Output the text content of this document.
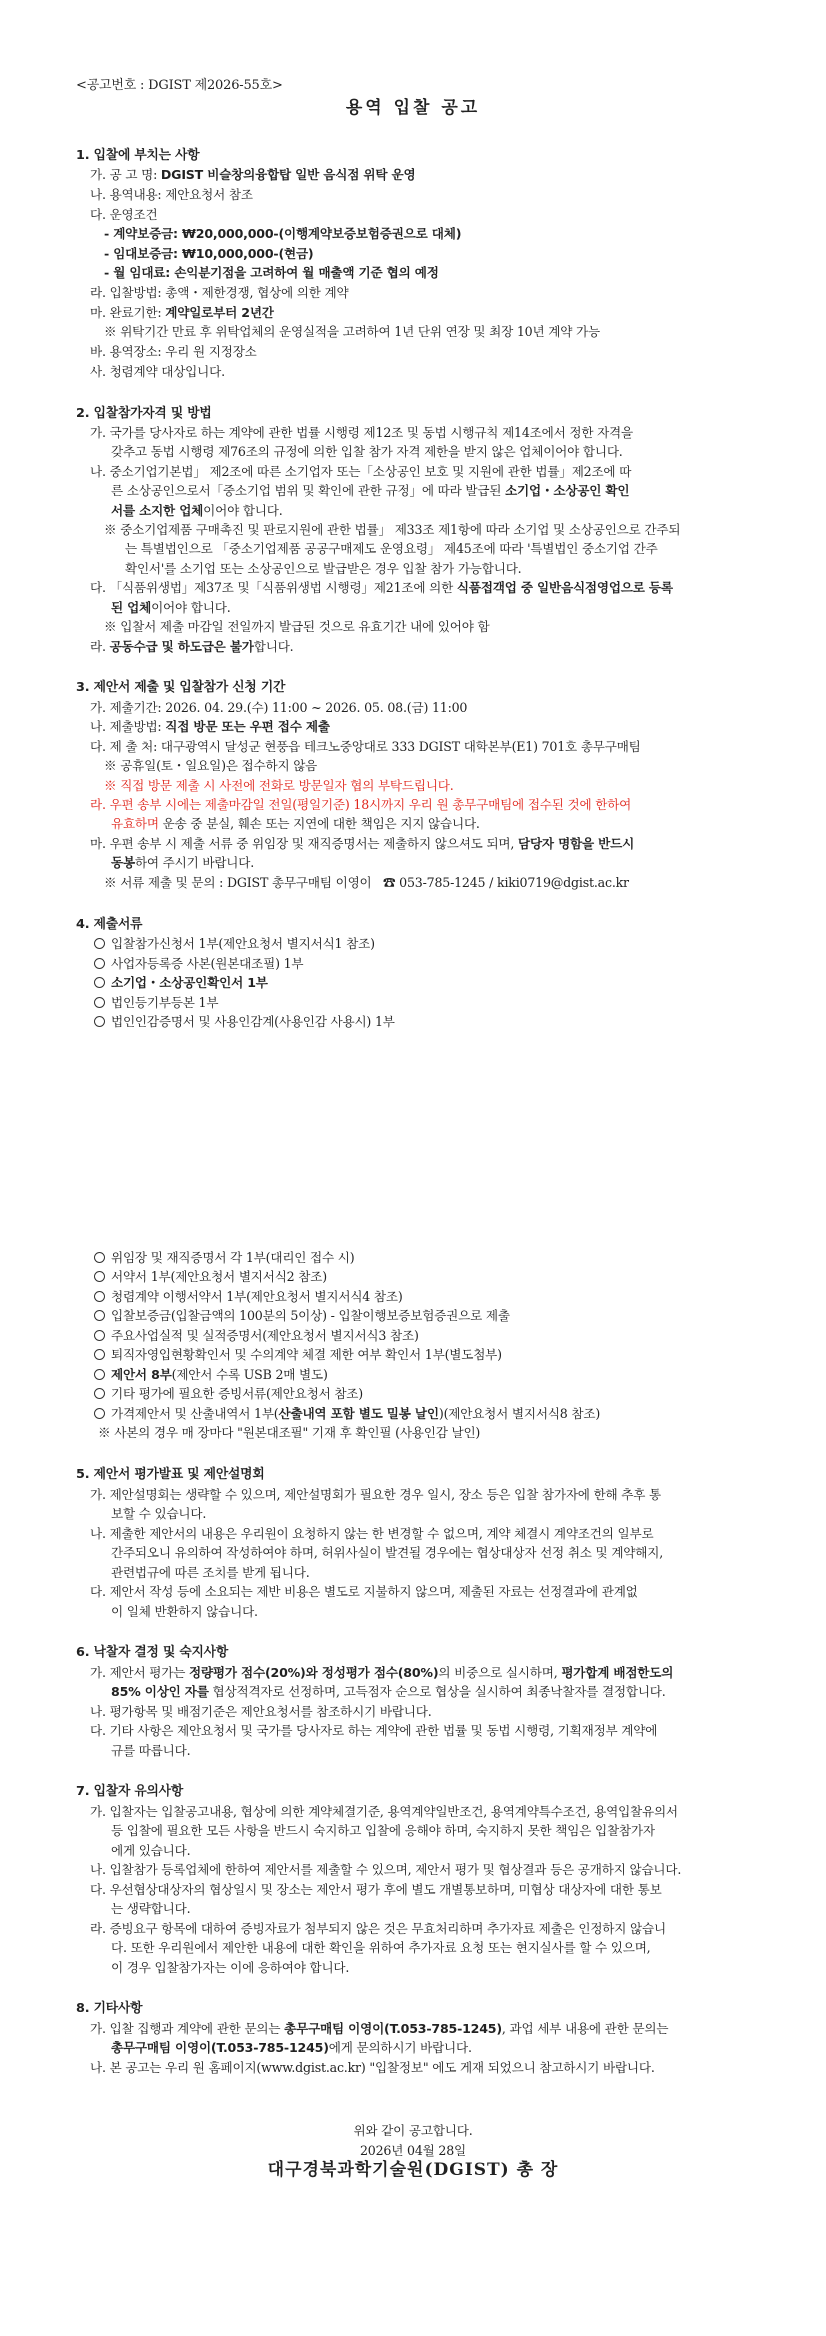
<공고번호 : DGIST 제2026-55호>
용역 입찰 공고
1. 입찰에 부치는 사항
가. 공 고 명: DGIST 비슬창의융합탑 일반 음식점 위탁 운영
나. 용역내용: 제안요청서 참조
다. 운영조건
- 계약보증금: ₩20,000,000-(이행계약보증보험증권으로 대체)
- 임대보증금: ₩10,000,000-(현금)
- 월 임대료: 손익분기점을 고려하여 월 매출액 기준 협의 예정
라. 입찰방법: 총액・제한경쟁, 협상에 의한 계약
마. 완료기한: 계약일로부터 2년간
※ 위탁기간 만료 후 위탁업체의 운영실적을 고려하여 1년 단위 연장 및 최장 10년 계약 가능
바. 용역장소: 우리 원 지정장소
사. 청렴계약 대상입니다.
2. 입찰참가자격 및 방법
가. 국가를 당사자로 하는 계약에 관한 법률 시행령 제12조 및 동법 시행규칙 제14조에서 정한 자격을
갖추고 동법 시행령 제76조의 규정에 의한 입찰 참가 자격 제한을 받지 않은 업체이어야 합니다.
나. 중소기업기본법」 제2조에 따른 소기업자 또는「소상공인 보호 및 지원에 관한 법률」제2조에 따
른 소상공인으로서「중소기업 범위 및 확인에 관한 규정」에 따라 발급된 소기업・소상공인 확인
서를 소지한 업체이어야 합니다.
※ 중소기업제품 구매촉진 및 판로지원에 관한 법률」 제33조 제1항에 따라 소기업 및 소상공인으로 간주되
는 특별법인으로 「중소기업제품 공공구매제도 운영요령」 제45조에 따라 '특별법인 중소기업 간주
확인서'를 소기업 또는 소상공인으로 발급받은 경우 입찰 참가 가능합니다.
다. 「식품위생법」제37조 및「식품위생법 시행령」제21조에 의한 식품접객업 중 일반음식점영업으로 등록
된 업체이어야 합니다.
※ 입찰서 제출 마감일 전일까지 발급된 것으로 유효기간 내에 있어야 함
라. 공동수급 및 하도급은 불가합니다.
3. 제안서 제출 및 입찰참가 신청 기간
가. 제출기간: 2026. 04. 29.(수) 11:00 ~ 2026. 05. 08.(금) 11:00
나. 제출방법: 직접 방문 또는 우편 접수 제출
다. 제 출 처: 대구광역시 달성군 현풍읍 테크노중앙대로 333 DGIST 대학본부(E1) 701호 총무구매팀
※ 공휴일(토・일요일)은 접수하지 않음
※ 직접 방문 제출 시 사전에 전화로 방문일자 협의 부탁드립니다.
라. 우편 송부 시에는 제출마감일 전일(평일기준) 18시까지 우리 원 총무구매팀에 접수된 것에 한하여
유효하며 운송 중 분실, 훼손 또는 지연에 대한 책임은 지지 않습니다.
마. 우편 송부 시 제출 서류 중 위임장 및 재직증명서는 제출하지 않으셔도 되며, 담당자 명함을 반드시
동봉하여 주시기 바랍니다.
※ 서류 제출 및 문의 : DGIST 총무구매팀 이영이 ☎ 053-785-1245 / kiki0719@dgist.ac.kr
4. 제출서류
입찰참가신청서 1부(제안요청서 별지서식1 참조)
사업자등록증 사본(원본대조필) 1부
소기업・소상공인확인서 1부
법인등기부등본 1부
법인인감증명서 및 사용인감계(사용인감 사용시) 1부
위임장 및 재직증명서 각 1부(대리인 접수 시)
서약서 1부(제안요청서 별지서식2 참조)
청렴계약 이행서약서 1부(제안요청서 별지서식4 참조)
입찰보증금(입찰금액의 100분의 5이상) - 입찰이행보증보험증권으로 제출
주요사업실적 및 실적증명서(제안요청서 별지서식3 참조)
퇴직자영입현황확인서 및 수의계약 체결 제한 여부 확인서 1부(별도첨부)
제안서 8부(제안서 수록 USB 2매 별도)
기타 평가에 필요한 증빙서류(제안요청서 참조)
가격제안서 및 산출내역서 1부(산출내역 포함 별도 밀봉 날인)(제안요청서 별지서식8 참조)
※ 사본의 경우 매 장마다 "원본대조필" 기재 후 확인필 (사용인감 날인)
5. 제안서 평가발표 및 제안설명회
가. 제안설명회는 생략할 수 있으며, 제안설명회가 필요한 경우 일시, 장소 등은 입찰 참가자에 한해 추후 통
보할 수 있습니다.
나. 제출한 제안서의 내용은 우리원이 요청하지 않는 한 변경할 수 없으며, 계약 체결시 계약조건의 일부로
간주되오니 유의하여 작성하여야 하며, 허위사실이 발견될 경우에는 협상대상자 선정 취소 및 계약해지,
관련법규에 따른 조치를 받게 됩니다.
다. 제안서 작성 등에 소요되는 제반 비용은 별도로 지불하지 않으며, 제출된 자료는 선정결과에 관계없
이 일체 반환하지 않습니다.
6. 낙찰자 결정 및 숙지사항
가. 제안서 평가는 정량평가 점수(20%)와 정성평가 점수(80%)의 비중으로 실시하며, 평가합계 배점한도의
85% 이상인 자를 협상적격자로 선정하며, 고득점자 순으로 협상을 실시하여 최종낙찰자를 결정합니다.
나. 평가항목 및 배점기준은 제안요청서를 참조하시기 바랍니다.
다. 기타 사항은 제안요청서 및 국가를 당사자로 하는 계약에 관한 법률 및 동법 시행령, 기획재정부 계약에
규를 따릅니다.
7. 입찰자 유의사항
가. 입찰자는 입찰공고내용, 협상에 의한 계약체결기준, 용역계약일반조건, 용역계약특수조건, 용역입찰유의서
등 입찰에 필요한 모든 사항을 반드시 숙지하고 입찰에 응해야 하며, 숙지하지 못한 책임은 입찰참가자
에게 있습니다.
나. 입찰참가 등록업체에 한하여 제안서를 제출할 수 있으며, 제안서 평가 및 협상결과 등은 공개하지 않습니다.
다. 우선협상대상자의 협상일시 및 장소는 제안서 평가 후에 별도 개별통보하며, 미협상 대상자에 대한 통보
는 생략합니다.
라. 증빙요구 항목에 대하여 증빙자료가 첨부되지 않은 것은 무효처리하며 추가자료 제출은 인정하지 않습니
다. 또한 우리원에서 제안한 내용에 대한 확인을 위하여 추가자료 요청 또는 현지실사를 할 수 있으며,
이 경우 입찰참가자는 이에 응하여야 합니다.
8. 기타사항
가. 입찰 집행과 계약에 관한 문의는 총무구매팀 이영이(T.053-785-1245), 과업 세부 내용에 관한 문의는
총무구매팀 이영이(T.053-785-1245)에게 문의하시기 바랍니다.
나. 본 공고는 우리 원 홈페이지(www.dgist.ac.kr) "입찰정보" 에도 게재 되었으니 참고하시기 바랍니다.
위와 같이 공고합니다.
2026년 04월 28일
대구경북과학기술원(DGIST) 총 장
